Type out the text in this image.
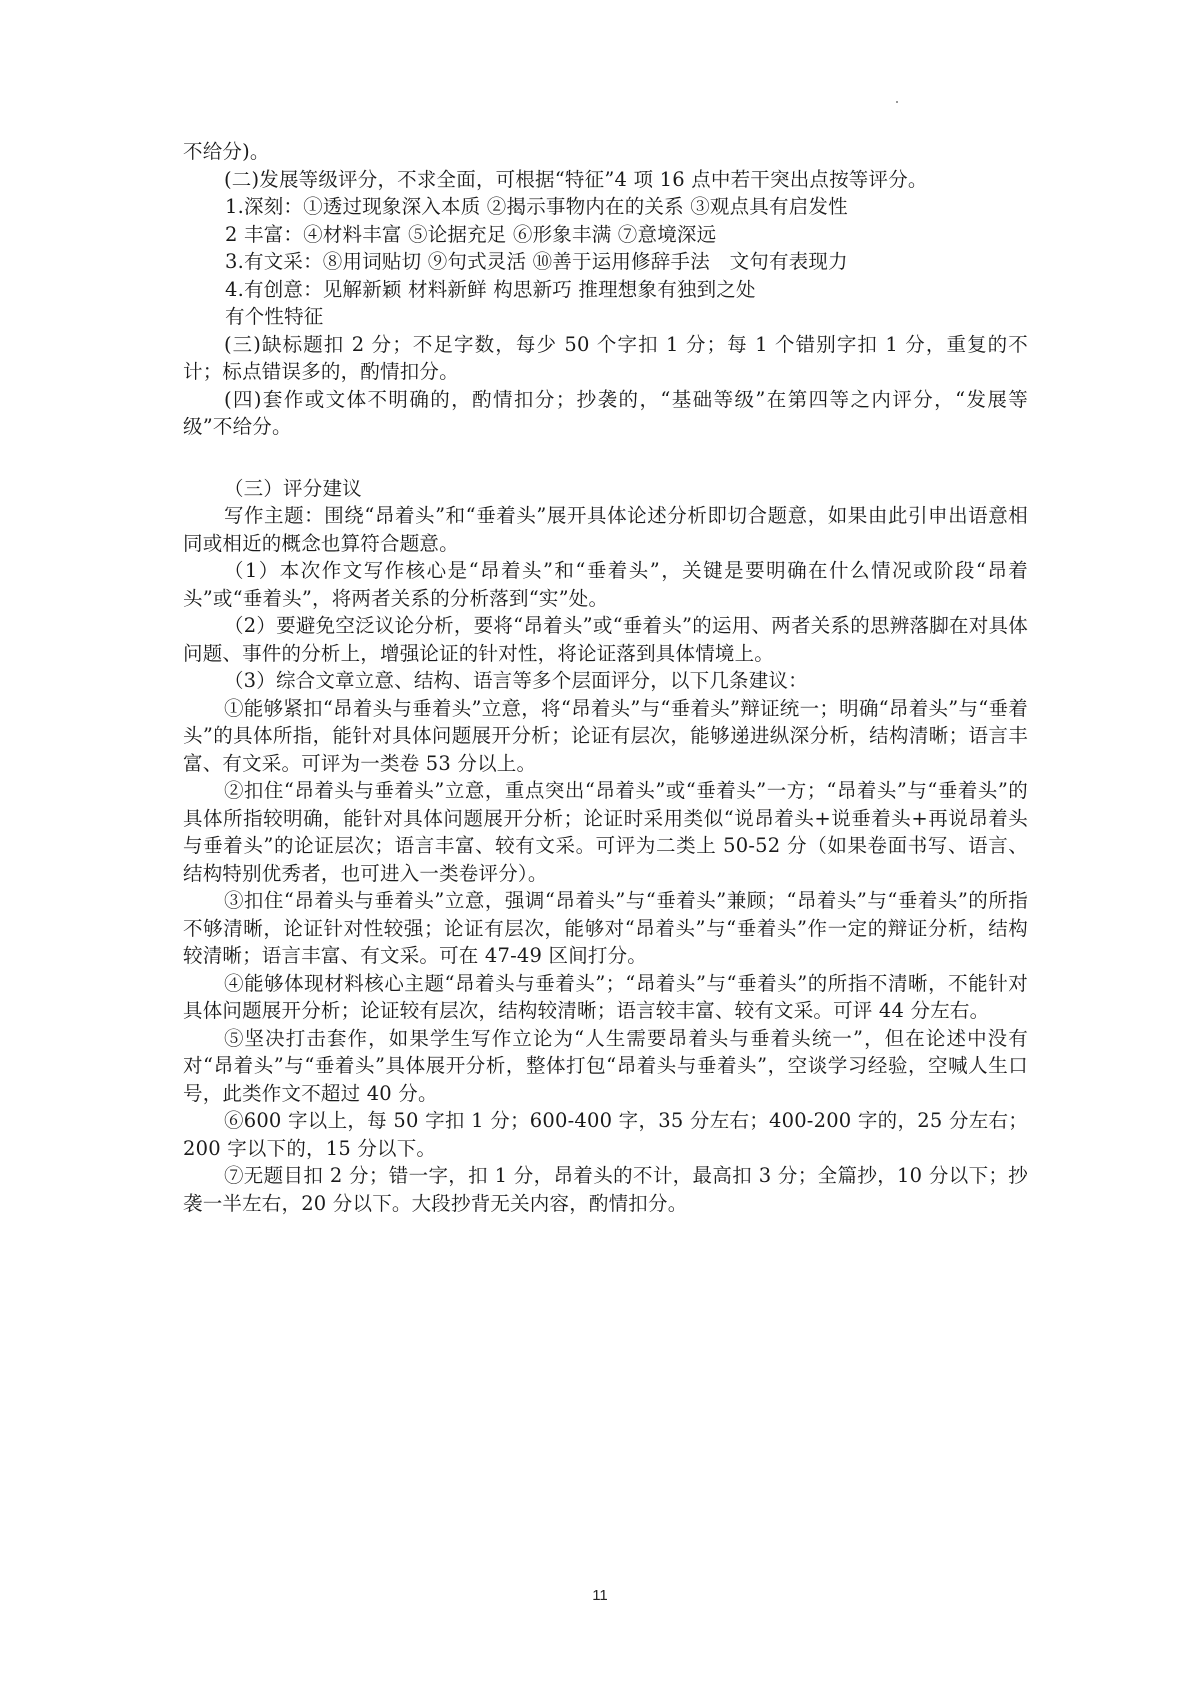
不给分)。

(二)发展等级评分，不求全面，可根据“特征”4 项 16 点中若干突出点按等评分。

1.深刻：①透过现象深入本质 ②揭示事物内在的关系 ③观点具有启发性

2 丰富：④材料丰富 ⑤论据充足 ⑥形象丰满 ⑦意境深远

3.有文采：⑧用词贴切 ⑨句式灵活 ⑩善于运用修辞手法　文句有表现力

4.有创意：见解新颖 材料新鲜 构思新巧 推理想象有独到之处

有个性特征

(三)缺标题扣 2 分；不足字数，每少 50 个字扣 1 分；每 1 个错别字扣 1 分，重复的不计；标点错误多的，酌情扣分。

(四)套作或文体不明确的，酌情扣分；抄袭的，“基础等级”在第四等之内评分，“发展等级”不给分。

（三）评分建议

写作主题：围绕“昂着头”和“垂着头”展开具体论述分析即切合题意，如果由此引申出语意相同或相近的概念也算符合题意。

（1）本次作文写作核心是“昂着头”和“垂着头”，关键是要明确在什么情况或阶段“昂着头”或“垂着头”，将两者关系的分析落到“实”处。

（2）要避免空泛议论分析，要将“昂着头”或“垂着头”的运用、两者关系的思辨落脚在对具体问题、事件的分析上，增强论证的针对性，将论证落到具体情境上。

（3）综合文章立意、结构、语言等多个层面评分，以下几条建议：

①能够紧扣“昂着头与垂着头”立意，将“昂着头”与“垂着头”辩证统一；明确“昂着头”与“垂着头”的具体所指，能针对具体问题展开分析；论证有层次，能够递进纵深分析，结构清晰；语言丰富、有文采。可评为一类卷 53 分以上。

②扣住“昂着头与垂着头”立意，重点突出“昂着头”或“垂着头”一方；“昂着头”与“垂着头”的具体所指较明确，能针对具体问题展开分析；论证时采用类似“说昂着头+说垂着头+再说昂着头与垂着头”的论证层次；语言丰富、较有文采。可评为二类上 50-52 分（如果卷面书写、语言、结构特别优秀者，也可进入一类卷评分）。

③扣住“昂着头与垂着头”立意，强调“昂着头”与“垂着头”兼顾；“昂着头”与“垂着头”的所指不够清晰，论证针对性较强；论证有层次，能够对“昂着头”与“垂着头”作一定的辩证分析，结构较清晰；语言丰富、有文采。可在 47-49 区间打分。

④能够体现材料核心主题“昂着头与垂着头”；“昂着头”与“垂着头”的所指不清晰，不能针对具体问题展开分析；论证较有层次，结构较清晰；语言较丰富、较有文采。可评 44 分左右。

⑤坚决打击套作，如果学生写作立论为“人生需要昂着头与垂着头统一”，但在论述中没有对“昂着头”与“垂着头”具体展开分析，整体打包“昂着头与垂着头”，空谈学习经验，空喊人生口号，此类作文不超过 40 分。

⑥600 字以上，每 50 字扣 1 分；600-400 字，35 分左右；400-200 字的，25 分左右；200 字以下的，15 分以下。

⑦无题目扣 2 分；错一字，扣 1 分，昂着头的不计，最高扣 3 分；全篇抄，10 分以下；抄袭一半左右，20 分以下。大段抄背无关内容，酌情扣分。

11
